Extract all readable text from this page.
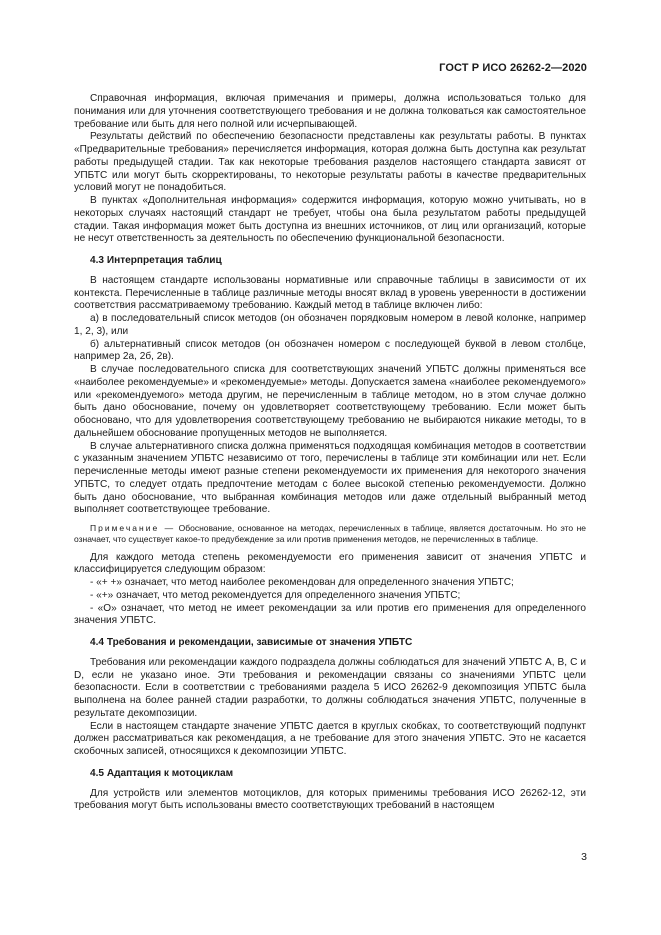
ГОСТ Р ИСО 26262-2—2020

Справочная информация, включая примечания и примеры, должна использоваться только для понимания или для уточнения соответствующего требования и не должна толковаться как самостоятельное требование или быть для него полной или исчерпывающей.

Результаты действий по обеспечению безопасности представлены как результаты работы. В пунктах «Предварительные требования» перечисляется информация, которая должна быть доступна как результат работы предыдущей стадии. Так как некоторые требования разделов настоящего стандарта зависят от УПБТС или могут быть скорректированы, то некоторые результаты работы в качестве предварительных условий могут не понадобиться.

В пунктах «Дополнительная информация» содержится информация, которую можно учитывать, но в некоторых случаях настоящий стандарт не требует, чтобы она была результатом работы предыдущей стадии. Такая информация может быть доступна из внешних источников, от лиц или организаций, которые не несут ответственность за деятельность по обеспечению функциональной безопасности.

4.3 Интерпретация таблиц

В настоящем стандарте использованы нормативные или справочные таблицы в зависимости от их контекста. Перечисленные в таблице различные методы вносят вклад в уровень уверенности в достижении соответствия рассматриваемому требованию. Каждый метод в таблице включен либо:

а) в последовательный список методов (он обозначен порядковым номером в левой колонке, например 1, 2, 3), или

б) альтернативный список методов (он обозначен номером с последующей буквой в левом столбце, например 2а, 2б, 2в).

В случае последовательного списка для соответствующих значений УПБТС должны применяться все «наиболее рекомендуемые» и «рекомендуемые» методы. Допускается замена «наиболее рекомендуемого» или «рекомендуемого» метода другим, не перечисленным в таблице методом, но в этом случае должно быть дано обоснование, почему он удовлетворяет соответствующему требованию. Если может быть обосновано, что для удовлетворения соответствующему требованию не выбираются никакие методы, то в дальнейшем обоснование пропущенных методов не выполняется.

В случае альтернативного списка должна применяться подходящая комбинация методов в соответствии с указанным значением УПБТС независимо от того, перечислены в таблице эти комбинации или нет. Если перечисленные методы имеют разные степени рекомендуемости их применения для некоторого значения УПБТС, то следует отдать предпочтение методам с более высокой степенью рекомендуемости. Должно быть дано обоснование, что выбранная комбинация методов или даже отдельный выбранный метод выполняет соответствующее требование.

Примечание — Обоснование, основанное на методах, перечисленных в таблице, является достаточным. Но это не означает, что существует какое-то предубеждение за или против применения методов, не перечисленных в таблице.

Для каждого метода степень рекомендуемости его применения зависит от значения УПБТС и классифицируется следующим образом:

- «+ +» означает, что метод наиболее рекомендован для определенного значения УПБТС;

- «+» означает, что метод рекомендуется для определенного значения УПБТС;

- «О» означает, что метод не имеет рекомендации за или против его применения для определенного значения УПБТС.

4.4 Требования и рекомендации, зависимые от значения УПБТС

Требования или рекомендации каждого подраздела должны соблюдаться для значений УПБТС А, В, С и D, если не указано иное. Эти требования и рекомендации связаны со значениями УПБТС цели безопасности. Если в соответствии с требованиями раздела 5 ИСО 26262-9 декомпозиция УПБТС была выполнена на более ранней стадии разработки, то должны соблюдаться значения УПБТС, полученные в результате декомпозиции.

Если в настоящем стандарте значение УПБТС дается в круглых скобках, то соответствующий подпункт должен рассматриваться как рекомендация, а не требование для этого значения УПБТС. Это не касается скобочных записей, относящихся к декомпозиции УПБТС.

4.5 Адаптация к мотоциклам

Для устройств или элементов мотоциклов, для которых применимы требования ИСО 26262-12, эти требования могут быть использованы вместо соответствующих требований в настоящем

3
